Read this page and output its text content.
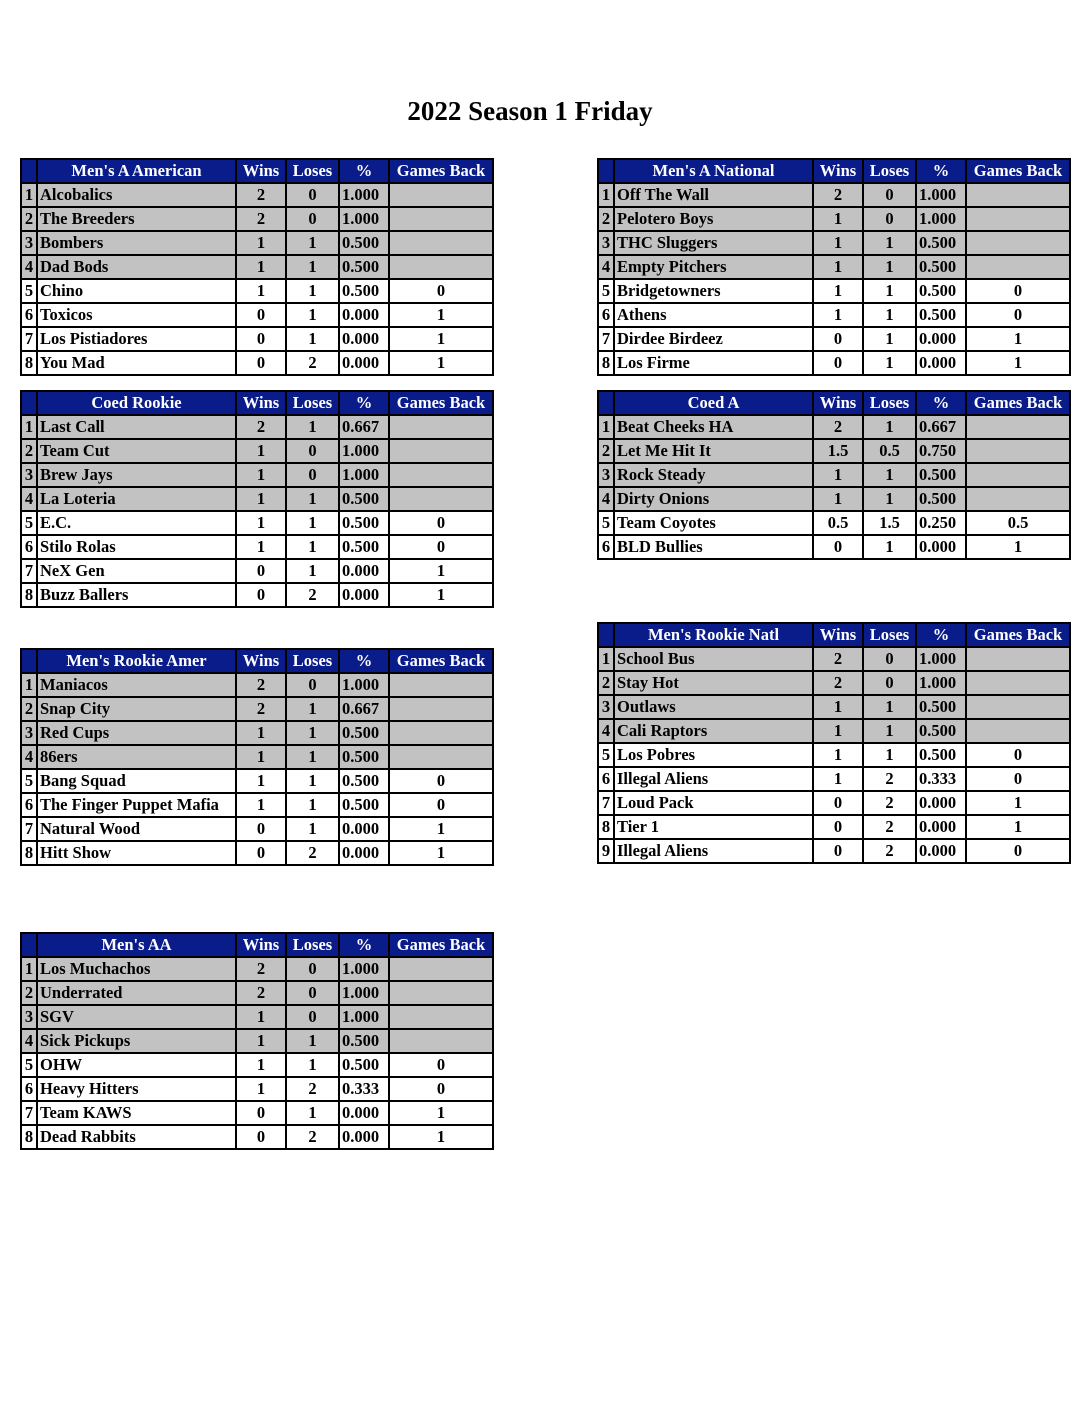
2022 Season 1 Friday
	Men's A American	Wins	Loses	%	Games Back
1	Alcobalics	2	0	1.000	
2	The Breeders	2	0	1.000	
3	Bombers	1	1	0.500	
4	Dad Bods	1	1	0.500	
5	Chino	1	1	0.500	0
6	Toxicos	0	1	0.000	1
7	Los Pistiadores	0	1	0.000	1
8	You Mad	0	2	0.000	1
	Coed Rookie	Wins	Loses	%	Games Back
1	Last Call	2	1	0.667	
2	Team Cut	1	0	1.000	
3	Brew Jays	1	0	1.000	
4	La Loteria	1	1	0.500	
5	E.C.	1	1	0.500	0
6	Stilo Rolas	1	1	0.500	0
7	NeX Gen	0	1	0.000	1
8	Buzz Ballers	0	2	0.000	1
	Men's Rookie Amer	Wins	Loses	%	Games Back
1	Maniacos	2	0	1.000	
2	Snap City	2	1	0.667	
3	Red Cups	1	1	0.500	
4	86ers	1	1	0.500	
5	Bang Squad	1	1	0.500	0
6	The Finger Puppet Mafia	1	1	0.500	0
7	Natural Wood	0	1	0.000	1
8	Hitt Show	0	2	0.000	1
	Men's AA	Wins	Loses	%	Games Back
1	Los Muchachos	2	0	1.000	
2	Underrated	2	0	1.000	
3	SGV	1	0	1.000	
4	Sick Pickups	1	1	0.500	
5	OHW	1	1	0.500	0
6	Heavy Hitters	1	2	0.333	0
7	Team KAWS	0	1	0.000	1
8	Dead Rabbits	0	2	0.000	1
	Men's A National	Wins	Loses	%	Games Back
1	Off The Wall	2	0	1.000	
2	Pelotero Boys	1	0	1.000	
3	THC Sluggers	1	1	0.500	
4	Empty Pitchers	1	1	0.500	
5	Bridgetowners	1	1	0.500	0
6	Athens	1	1	0.500	0
7	Dirdee Birdeez	0	1	0.000	1
8	Los Firme	0	1	0.000	1
	Coed A	Wins	Loses	%	Games Back
1	Beat Cheeks HA	2	1	0.667	
2	Let Me Hit It	1.5	0.5	0.750	
3	Rock Steady	1	1	0.500	
4	Dirty Onions	1	1	0.500	
5	Team Coyotes	0.5	1.5	0.250	0.5
6	BLD Bullies	0	1	0.000	1
	Men's Rookie Natl	Wins	Loses	%	Games Back
1	School Bus	2	0	1.000	
2	Stay Hot	2	0	1.000	
3	Outlaws	1	1	0.500	
4	Cali Raptors	1	1	0.500	
5	Los Pobres	1	1	0.500	0
6	Illegal Aliens	1	2	0.333	0
7	Loud Pack	0	2	0.000	1
8	Tier 1	0	2	0.000	1
9	Illegal Aliens	0	2	0.000	0
